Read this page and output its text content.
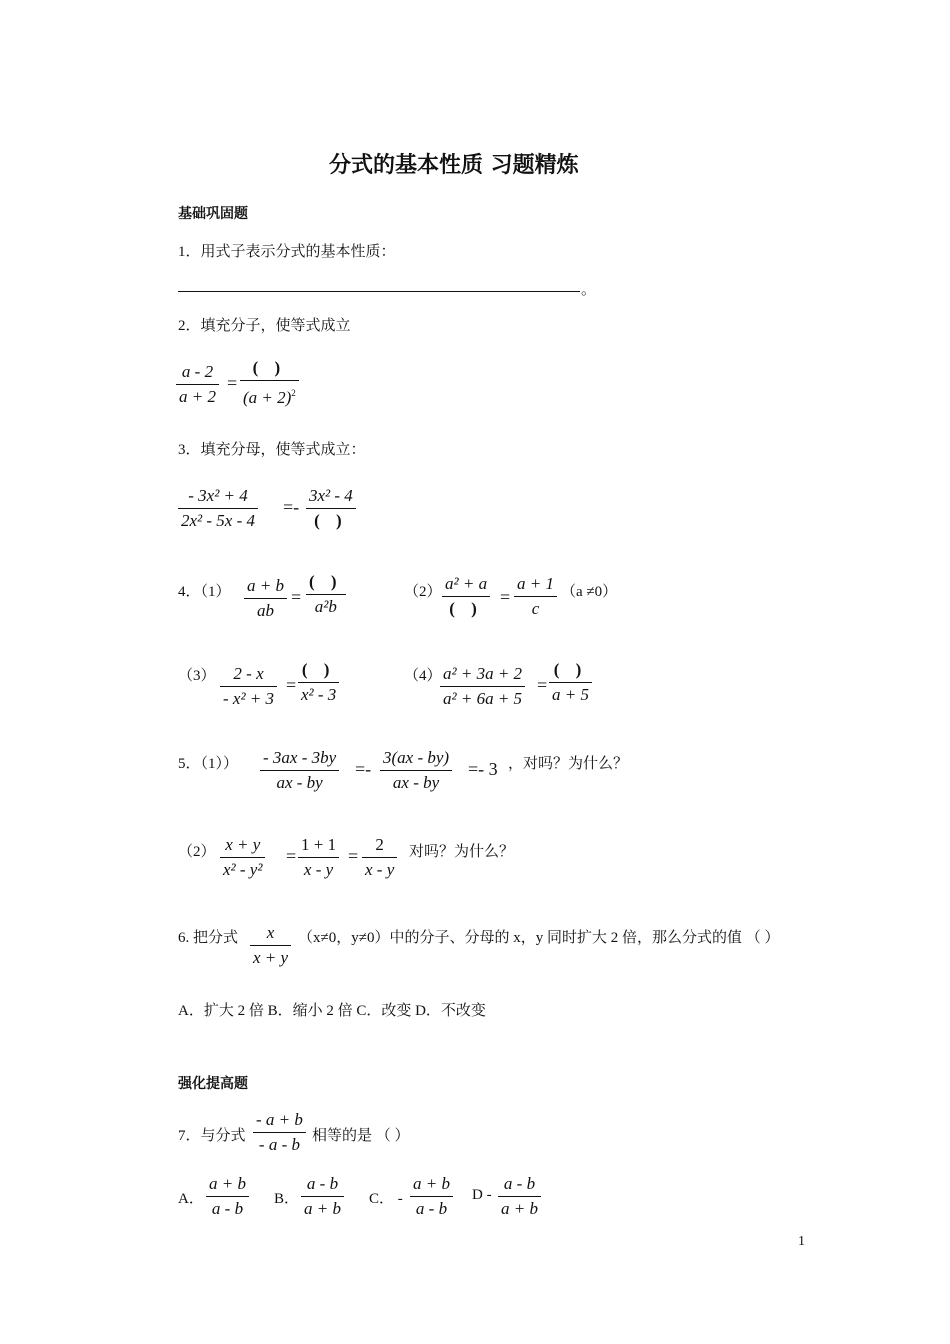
分式的基本性质 习题精炼
基础巩固题
1．用式子表示分式的基本性质：
。
2．填充分子，使等式成立
a - 2
a + 2
=
( )
$(a + 2)^2$
3．填充分母，使等式成立：
- 3x² + 4
2x² - 5x - 4
=-
3x² - 4
( )
4．（1） a + b
ab
=
( )
a²b
（2） a² + a
( )
=
a + 1
c
（a ≠0）
（3） 2 - x
- x² + 3
=
( )
x² - 3
（4） a² + 3a + 2
a² + 6a + 5
=
( )
a + 5
5．（1）） - 3ax - 3by
ax - by
=-
3(ax - by)
ax - by
=- 3 ，对吗？为什么？
（2） x + y
x² - y²
=
1 + 1
x - y
=
2
x - y
对吗？为什么？
6. 把分式 x
x + y
（x≠0，y≠0）中的分子、分母的 x，y 同时扩大 2 倍，那么分式的值 （ ）
A．扩大 2 倍 B．缩小 2 倍 C．改变 D．不改变
强化提高题
7．与分式
- a + b
- a - b 相等的是 （ ）
A．
a + b
a - b B．
a - b
a + b C． -
a + b
a - b
D -
a - b
a + b
1
